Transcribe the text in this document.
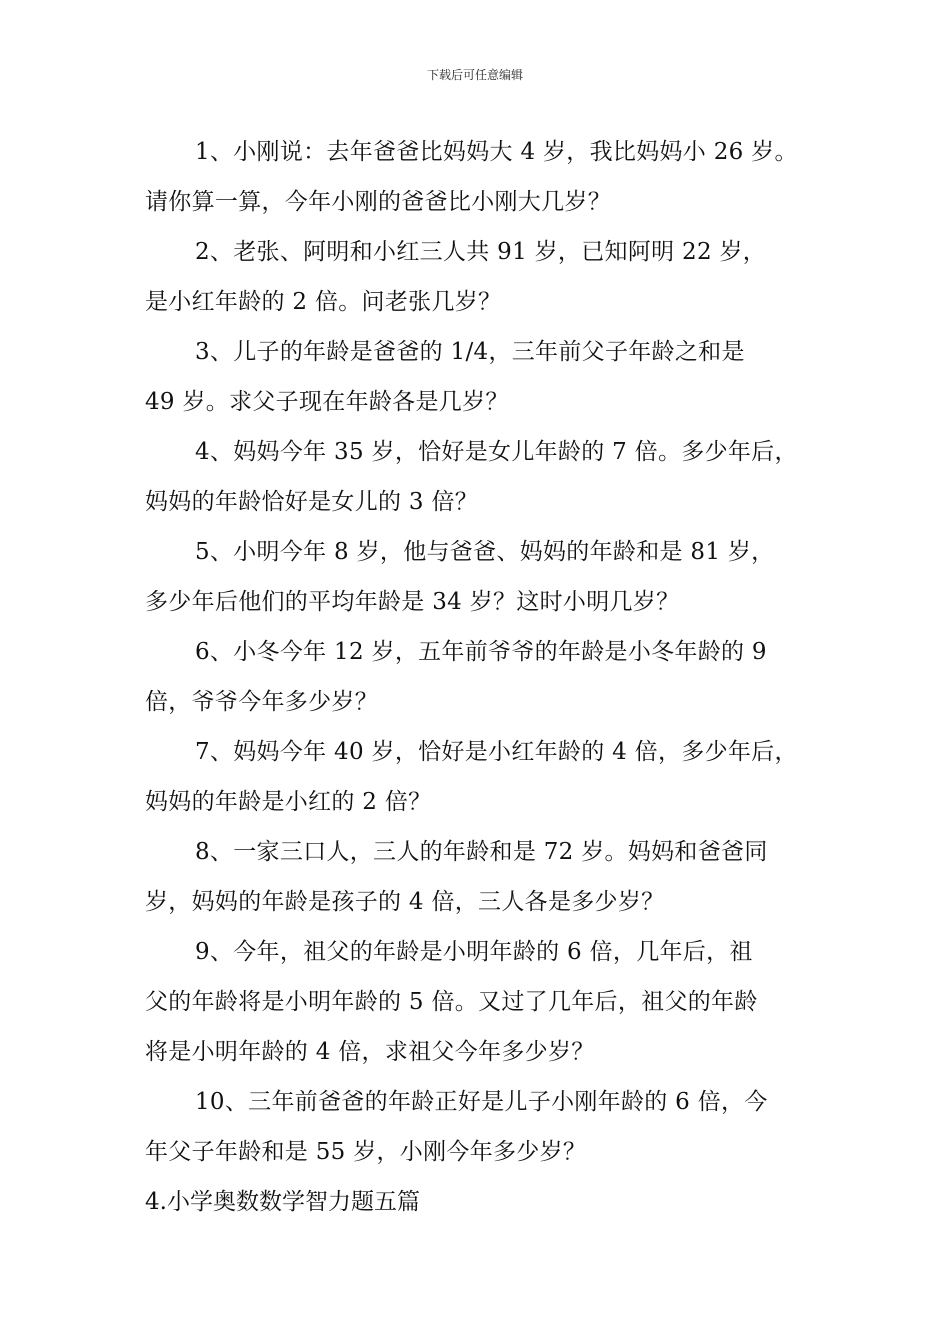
下载后可任意编辑
1、小刚说：去年爸爸比妈妈大 4 岁，我比妈妈小 26 岁。
请你算一算，今年小刚的爸爸比小刚大几岁？
2、老张、阿明和小红三人共 91 岁，已知阿明 22 岁，
是小红年龄的 2 倍。问老张几岁？
3、儿子的年龄是爸爸的 1/4，三年前父子年龄之和是
49 岁。求父子现在年龄各是几岁？
4、妈妈今年 35 岁，恰好是女儿年龄的 7 倍。多少年后，
妈妈的年龄恰好是女儿的 3 倍？
5、小明今年 8 岁，他与爸爸、妈妈的年龄和是 81 岁，
多少年后他们的平均年龄是 34 岁？这时小明几岁？
6、小冬今年 12 岁，五年前爷爷的年龄是小冬年龄的 9
倍，爷爷今年多少岁？
7、妈妈今年 40 岁，恰好是小红年龄的 4 倍，多少年后，
妈妈的年龄是小红的 2 倍？
8、一家三口人，三人的年龄和是 72 岁。妈妈和爸爸同
岁，妈妈的年龄是孩子的 4 倍，三人各是多少岁？
9、今年，祖父的年龄是小明年龄的 6 倍，几年后，祖
父的年龄将是小明年龄的 5 倍。又过了几年后，祖父的年龄
将是小明年龄的 4 倍，求祖父今年多少岁？
10、三年前爸爸的年龄正好是儿子小刚年龄的 6 倍，今
年父子年龄和是 55 岁，小刚今年多少岁？
4.小学奥数数学智力题五篇
